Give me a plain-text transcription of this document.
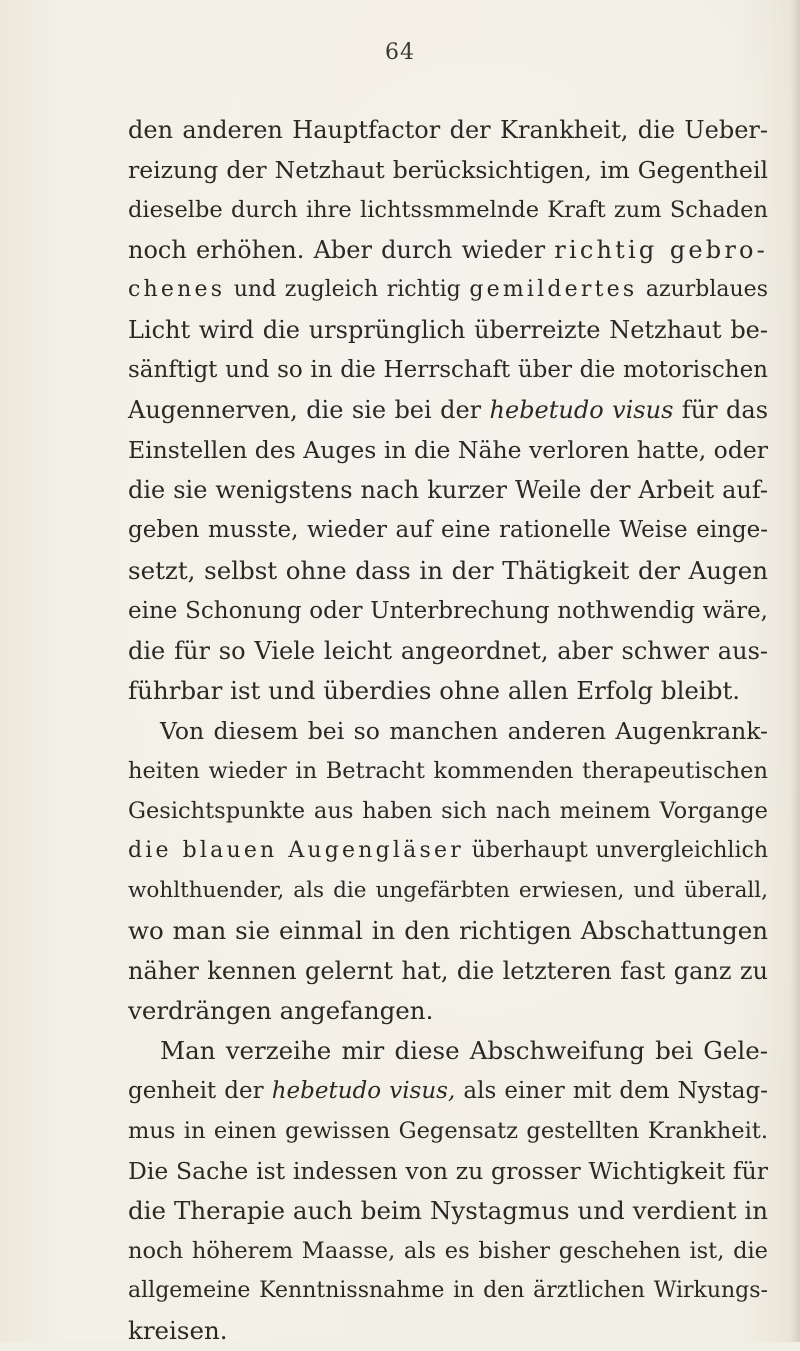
64
den anderen Hauptfactor der Krankheit, die Ueber-
reizung der Netzhaut berücksichtigen, im Gegentheil
dieselbe durch ihre lichtssmmelnde Kraft zum Schaden
noch erhöhen. Aber durch wieder richtig gebro-
chenes und zugleich richtig gemildertes azurblaues
Licht wird die ursprünglich überreizte Netzhaut be-
sänftigt und so in die Herrschaft über die motorischen
Augennerven, die sie bei der hebetudo visus für das
Einstellen des Auges in die Nähe verloren hatte, oder
die sie wenigstens nach kurzer Weile der Arbeit auf-
geben musste, wieder auf eine rationelle Weise einge-
setzt, selbst ohne dass in der Thätigkeit der Augen
eine Schonung oder Unterbrechung nothwendig wäre,
die für so Viele leicht angeordnet, aber schwer aus-
führbar ist und überdies ohne allen Erfolg bleibt.
Von diesem bei so manchen anderen Augenkrank-
heiten wieder in Betracht kommenden therapeutischen
Gesichtspunkte aus haben sich nach meinem Vorgange
die blauen Augengläser überhaupt unvergleichlich
wohlthuender, als die ungefärbten erwiesen, und überall,
wo man sie einmal in den richtigen Abschattungen
näher kennen gelernt hat, die letzteren fast ganz zu
verdrängen angefangen.
Man verzeihe mir diese Abschweifung bei Gele-
genheit der hebetudo visus, als einer mit dem Nystag-
mus in einen gewissen Gegensatz gestellten Krankheit.
Die Sache ist indessen von zu grosser Wichtigkeit für
die Therapie auch beim Nystagmus und verdient in
noch höherem Maasse, als es bisher geschehen ist, die
allgemeine Kenntnissnahme in den ärztlichen Wirkungs-
kreisen.
